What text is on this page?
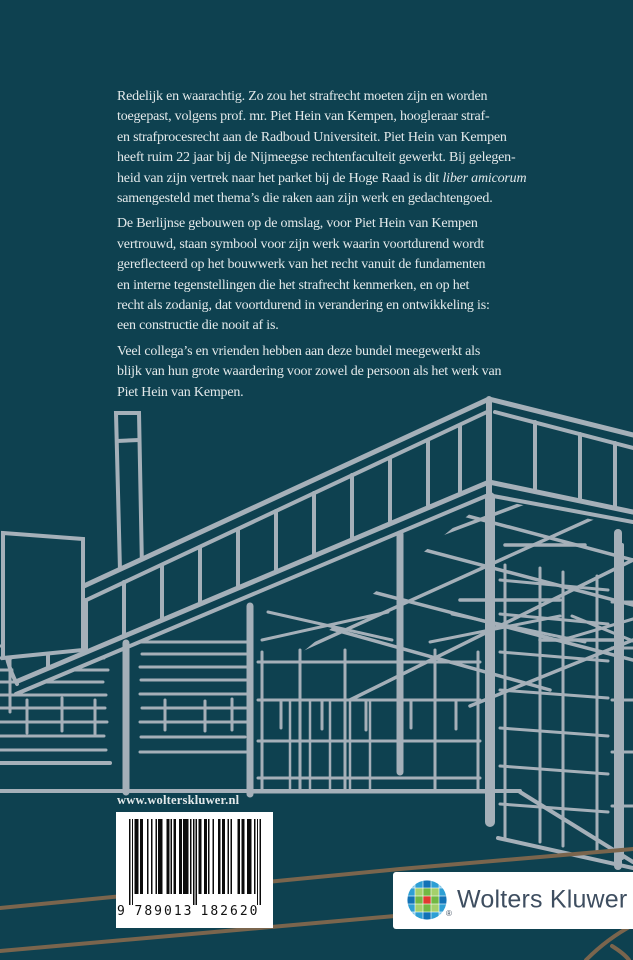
Redelijk en waarachtig. Zo zou het strafrecht moeten zijn en worden
toegepast, volgens prof. mr. Piet Hein van Kempen, hoogleraar straf-
en strafprocesrecht aan de Radboud Universiteit. Piet Hein van Kempen
heeft ruim 22 jaar bij de Nijmeegse rechtenfaculteit gewerkt. Bij gelegen-
heid van zijn vertrek naar het parket bij de Hoge Raad is dit liber amicorum
samengesteld met thema’s die raken aan zijn werk en gedachtengoed.

De Berlijnse gebouwen op de omslag, voor Piet Hein van Kempen
vertrouwd, staan symbool voor zijn werk waarin voortdurend wordt
gereflecteerd op het bouwwerk van het recht vanuit de fundamenten
en interne tegenstellingen die het strafrecht kenmerken, en op het
recht als zodanig, dat voortdurend in verandering en ontwikkeling is:
een constructie die nooit af is.

Veel collega’s en vrienden hebben aan deze bundel meegewerkt als
blijk van hun grote waardering voor zowel de persoon als het werk van
Piet Hein van Kempen.

www.wolterskluwer.nl
9 789013 182620	®
Wolters Kluwer
